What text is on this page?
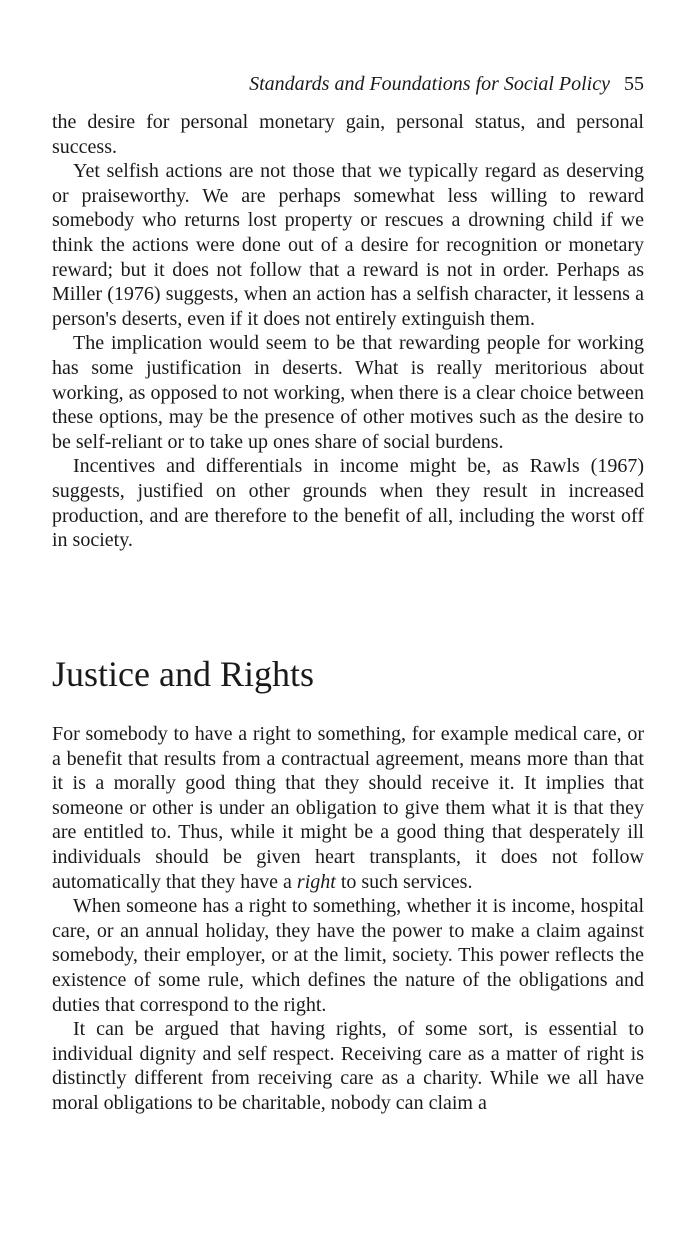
Standards and Foundations for Social Policy 55

the desire for personal monetary gain, personal status, and personal success.

Yet selfish actions are not those that we typically regard as deserving or praiseworthy. We are perhaps somewhat less willing to reward somebody who returns lost property or rescues a drowning child if we think the actions were done out of a desire for recognition or monetary reward; but it does not follow that a reward is not in order. Perhaps as Miller (1976) suggests, when an action has a selfish character, it lessens a person's deserts, even if it does not entirely extinguish them.

The implication would seem to be that rewarding people for working has some justification in deserts. What is really meritorious about working, as opposed to not working, when there is a clear choice between these options, may be the presence of other motives such as the desire to be self-reliant or to take up ones share of social burdens.

Incentives and differentials in income might be, as Rawls (1967) suggests, justified on other grounds when they result in increased production, and are therefore to the benefit of all, including the worst off in society.

Justice and Rights

For somebody to have a right to something, for example medical care, or a benefit that results from a contractual agreement, means more than that it is a morally good thing that they should receive it. It implies that someone or other is under an obligation to give them what it is that they are entitled to. Thus, while it might be a good thing that desperately ill individuals should be given heart transplants, it does not follow automatically that they have a right to such services.

When someone has a right to something, whether it is income, hospital care, or an annual holiday, they have the power to make a claim against somebody, their employer, or at the limit, society. This power reflects the existence of some rule, which defines the nature of the obligations and duties that correspond to the right.

It can be argued that having rights, of some sort, is essential to individual dignity and self respect. Receiving care as a matter of right is distinctly different from receiving care as a charity. While we all have moral obligations to be charitable, nobody can claim a
